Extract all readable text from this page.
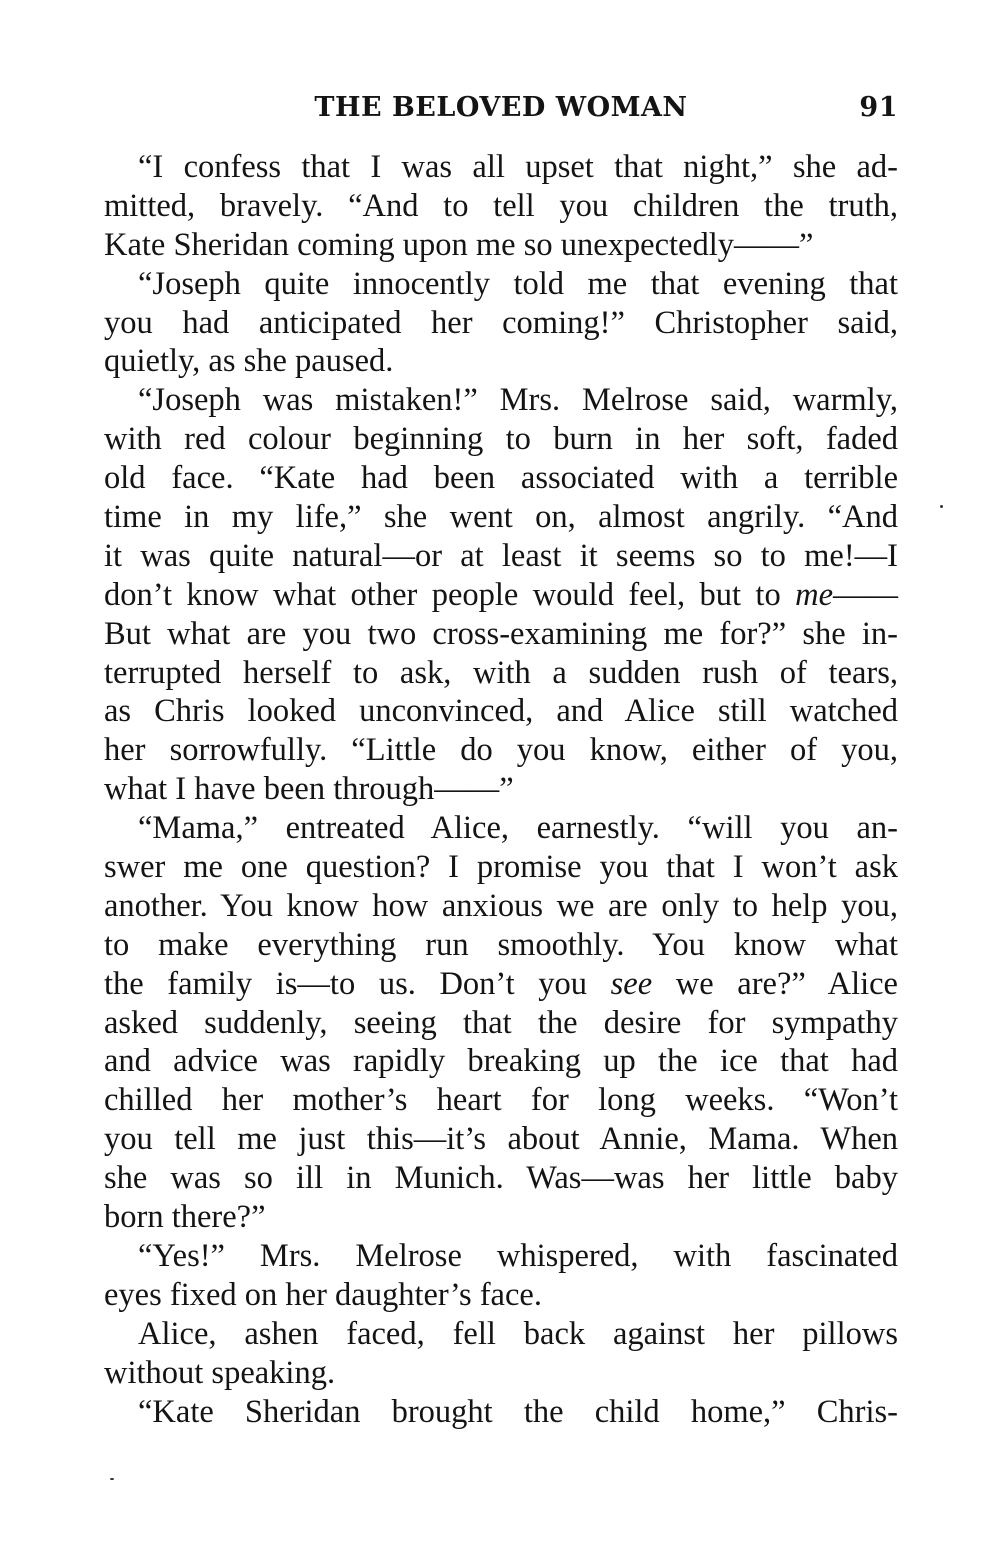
THE BELOVED WOMAN	91
“I confess that I was all upset that night,” she ad-
mitted, bravely. “And to tell you children the truth,
Kate Sheridan coming upon me so unexpectedly——”
“Joseph quite innocently told me that evening that
you had anticipated her coming!” Christopher said,
quietly, as she paused.
“Joseph was mistaken!” Mrs. Melrose said, warmly,
with red colour beginning to burn in her soft, faded
old face. “Kate had been associated with a terrible
time in my life,” she went on, almost angrily. “And
it was quite natural—or at least it seems so to me!—I
don’t know what other people would feel, but to me——
But what are you two cross-examining me for?” she in-
terrupted herself to ask, with a sudden rush of tears,
as Chris looked unconvinced, and Alice still watched
her sorrowfully. “Little do you know, either of you,
what I have been through——”
“Mama,” entreated Alice, earnestly. “will you an-
swer me one question? I promise you that I won’t ask
another. You know how anxious we are only to help you,
to make everything run smoothly. You know what
the family is—to us. Don’t you see we are?” Alice
asked suddenly, seeing that the desire for sympathy
and advice was rapidly breaking up the ice that had
chilled her mother’s heart for long weeks. “Won’t
you tell me just this—it’s about Annie, Mama. When
she was so ill in Munich. Was—was her little baby
born there?”
“Yes!” Mrs. Melrose whispered, with fascinated
eyes fixed on her daughter’s face.
Alice, ashen faced, fell back against her pillows
without speaking.
“Kate Sheridan brought the child home,” Chris-
